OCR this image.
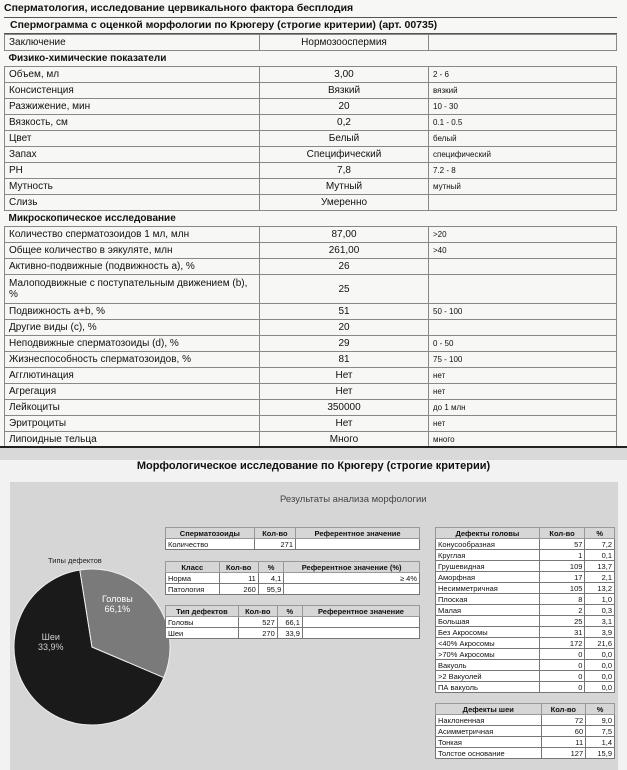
Сперматология, исследование цервикального фактора бесплодия
Спермограмма с оценкой морфологии по Крюгеру (строгие критерии) (арт. 00735)
Заключение	Нормозооспермия	
Физико-химические показатели		
Объем, мл	3,00	2 - 6
Консистенция	Вязкий	вязкий
Разжижение, мин	20	10 - 30
Вязкость, см	0,2	0.1 - 0.5
Цвет	Белый	белый
Запах	Специфический	специфический
PH	7,8	7.2 - 8
Мутность	Мутный	мутный
Слизь	Умеренно	
Микроскопическое исследование		
Количество сперматозоидов 1 мл, млн	87,00	>20
Общее количество в эякуляте, млн	261,00	>40
Активно-подвижные (подвижность a), %	26	
Малоподвижные с поступательным движением (b), %	25	
Подвижность a+b, %	51	50 - 100
Другие виды (c), %	20	
Неподвижные сперматозоиды (d), %	29	0 - 50
Жизнеспособность сперматозоидов, %	81	75 - 100
Агглютинация	Нет	нет
Агрегация	Нет	нет
Лейкоциты	350000	до 1 млн
Эритроциты	Нет	нет
Липоидные тельца	Много	много
Морфологическое исследование по Крюгеру (строгие критерии)
Результаты анализа морфологии
Типы дефектов
Головы
66,1%
Шеи
33,9%
Сперматозоиды	Кол-во	Референтное значение
Количество	271	
Класс	Кол-во	%	Референтное значение (%)
Норма	11	4,1	≥ 4%
Патология	260	95,9	
Тип дефектов	Кол-во	%	Референтное значение
Головы	527	66,1	
Шеи	270	33,9	
Дефекты головы	Кол-во	%
Конусообразная	57	7,2
Круглая	1	0,1
Грушевидная	109	13,7
Аморфная	17	2,1
Несимметричная	105	13,2
Плоская	8	1,0
Малая	2	0,3
Большая	25	3,1
Без Акросомы	31	3,9
<40% Акросомы	172	21,6
>70% Акросомы	0	0,0
Вакуоль	0	0,0
>2 Вакуолей	0	0,0
ПА вакуоль	0	0,0
Дефекты шеи	Кол-во	%
Наклоненная	72	9,0
Асимметричная	60	7,5
Тонкая	11	1,4
Толстое основание	127	15,9
